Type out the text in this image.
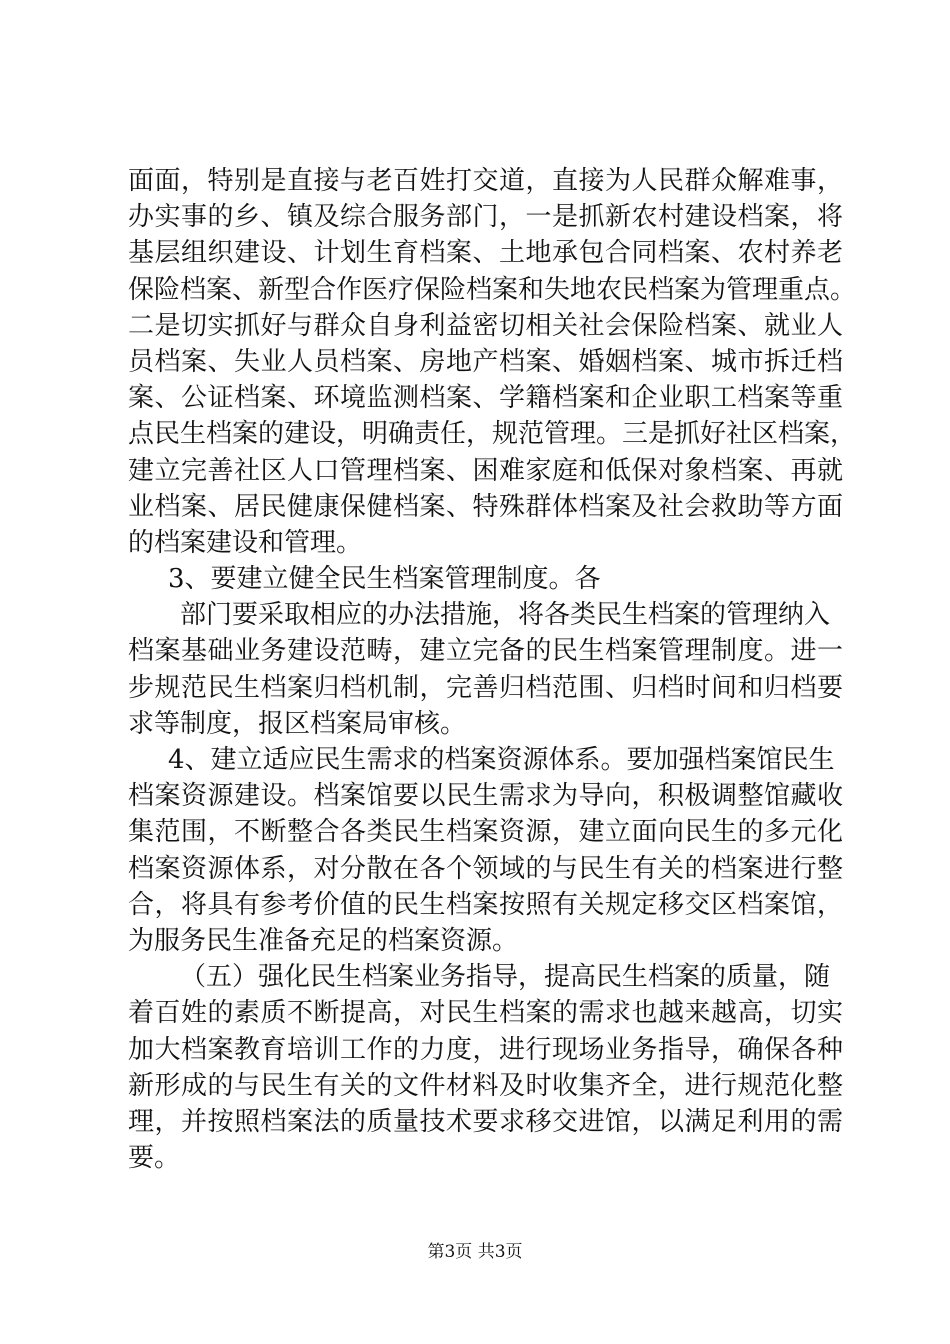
面面，特别是直接与老百姓打交道，直接为人民群众解难事，
办实事的乡、镇及综合服务部门，一是抓新农村建设档案，将
基层组织建设、计划生育档案、土地承包合同档案、农村养老
保险档案、新型合作医疗保险档案和失地农民档案为管理重点。
二是切实抓好与群众自身利益密切相关社会保险档案、就业人
员档案、失业人员档案、房地产档案、婚姻档案、城市拆迁档
案、公证档案、环境监测档案、学籍档案和企业职工档案等重
点民生档案的建设，明确责任，规范管理。三是抓好社区档案，
建立完善社区人口管理档案、困难家庭和低保对象档案、再就
业档案、居民健康保健档案、特殊群体档案及社会救助等方面
的档案建设和管理。
3、要建立健全民生档案管理制度。各
部门要采取相应的办法措施，将各类民生档案的管理纳入
档案基础业务建设范畴，建立完备的民生档案管理制度。进一
步规范民生档案归档机制，完善归档范围、归档时间和归档要
求等制度，报区档案局审核。
4、建立适应民生需求的档案资源体系。要加强档案馆民生
档案资源建设。档案馆要以民生需求为导向，积极调整馆藏收
集范围，不断整合各类民生档案资源，建立面向民生的多元化
档案资源体系，对分散在各个领域的与民生有关的档案进行整
合，将具有参考价值的民生档案按照有关规定移交区档案馆，
为服务民生准备充足的档案资源。
（五）强化民生档案业务指导，提高民生档案的质量，随
着百姓的素质不断提高，对民生档案的需求也越来越高，切实
加大档案教育培训工作的力度，进行现场业务指导，确保各种
新形成的与民生有关的文件材料及时收集齐全，进行规范化整
理，并按照档案法的质量技术要求移交进馆，以满足利用的需
要。
第3页 共3页
